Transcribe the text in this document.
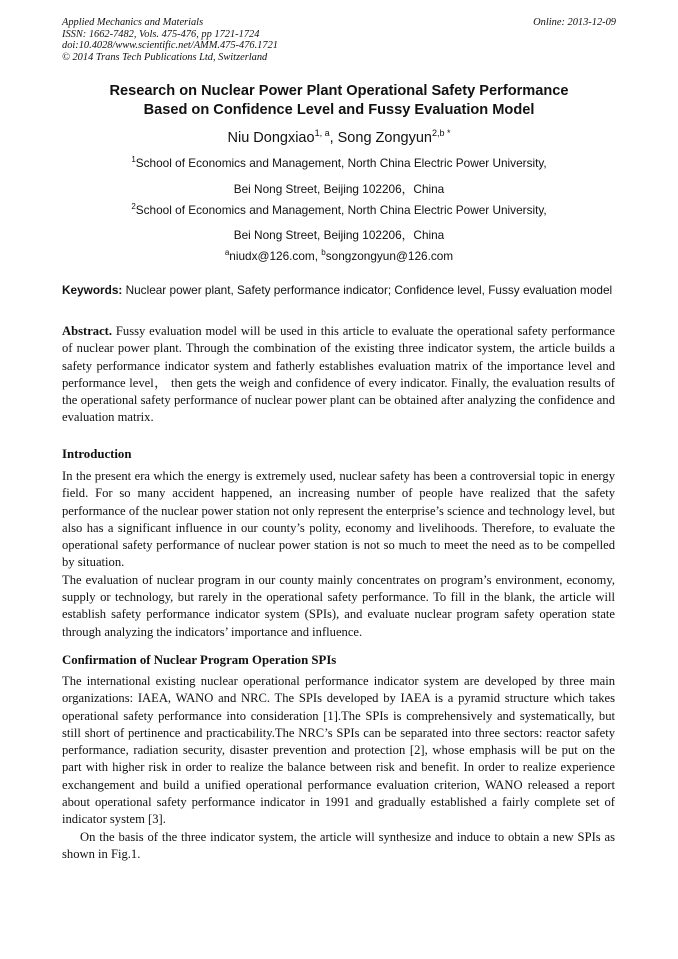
Applied Mechanics and Materials
ISSN: 1662-7482, Vols. 475-476, pp 1721-1724
doi:10.4028/www.scientific.net/AMM.475-476.1721
© 2014 Trans Tech Publications Ltd, Switzerland
Online: 2013-12-09
Research on Nuclear Power Plant Operational Safety Performance
Based on Confidence Level and Fussy Evaluation Model
Niu Dongxiao$^{1, a}$, Song Zongyun$^{2,b *}$
$^1$School of Economics and Management, North China Electric Power University,
Bei Nong Street, Beijing 102206，China
$^2$School of Economics and Management, North China Electric Power University,
Bei Nong Street, Beijing 102206，China
$^a$niudx@126.com, $^b$songzongyun@126.com
Keywords: Nuclear power plant, Safety performance indicator; Confidence level, Fussy evaluation model

Abstract. Fussy evaluation model will be used in this article to evaluate the operational safety performance of nuclear power plant. Through the combination of the existing three indicator system, the article builds a safety performance indicator system and fatherly establishes evaluation matrix of the importance level and performance level， then gets the weigh and confidence of every indicator. Finally, the evaluation results of the operational safety performance of nuclear power plant can be obtained after analyzing the confidence and evaluation matrix.

Introduction

In the present era which the energy is extremely used, nuclear safety has been a controversial topic in energy field. For so many accident happened, an increasing number of people have realized that the safety performance of the nuclear power station not only represent the enterprise’s science and technology level, but also has a significant influence in our county’s polity, economy and livelihoods. Therefore, to evaluate the operational safety performance of nuclear power station is not so much to meet the need as to be compelled by situation.

The evaluation of nuclear program in our county mainly concentrates on program’s environment, economy, supply or technology, but rarely in the operational safety performance. To fill in the blank, the article will establish safety performance indicator system (SPIs), and evaluate nuclear program safety operation state through analyzing the indicators’ importance and influence.

Confirmation of Nuclear Program Operation SPIs

The international existing nuclear operational performance indicator system are developed by three main organizations: IAEA, WANO and NRC. The SPIs developed by IAEA is a pyramid structure which takes operational safety performance into consideration [1].The SPIs is comprehensively and systematically, but still short of pertinence and practicability.The NRC’s SPIs can be separated into three sectors: reactor safety performance, radiation security, disaster prevention and protection [2], whose emphasis will be put on the part with higher risk in order to realize the balance between risk and benefit. In order to realize experience exchangement and build a unified operational performance evaluation criterion, WANO released a report about operational safety performance indicator in 1991 and gradually established a fairly complete set of indicator system [3].

On the basis of the three indicator system, the article will synthesize and induce to obtain a new SPIs as shown in Fig.1.
